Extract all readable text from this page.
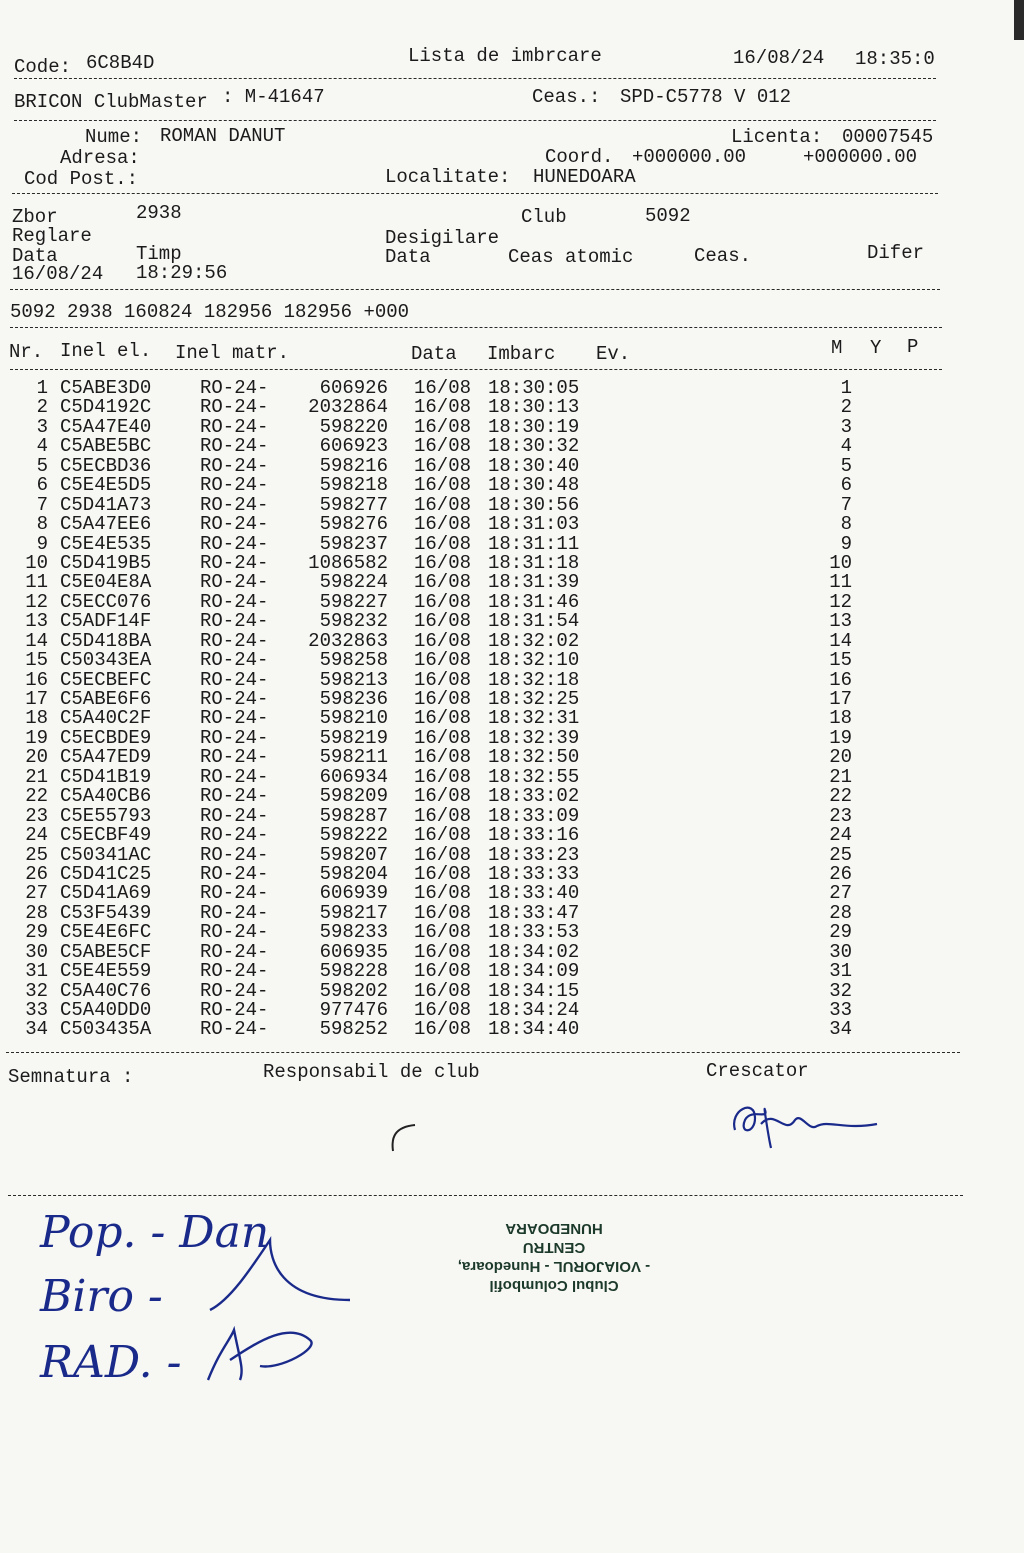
Code: 6C8B4D	Lista de imbrcare	16/08/24 18:35:0
BRICON ClubMaster : M-41647	Ceas.: SPD-C5778 V 012
Nume: ROMAN DANUT	Licenta: 00007545
Adresa:	Coord. +000000.00	+000000.00
Cod Post.:	Localitate: HUNEDOARA
Zbor	2938	Club	5092
Reglare	Desigilare
Data	Timp	Data	Ceas atomic	Ceas.	Difer
16/08/24 18:29:56
5092 2938 160824 182956 182956 +000
Nr. Inel el. Inel matr.	Data Imbarc Ev.	M Y P
1 C5ABE3D0	RO-24-	606926 16/08 18:30:05	1
2 C5D4192C	RO-24-	2032864 16/08 18:30:13	2
3 C5A47E40	RO-24-	598220 16/08 18:30:19	3
4 C5ABE5BC	RO-24-	606923 16/08 18:30:32	4
5 C5ECBD36	RO-24-	598216 16/08 18:30:40	5
6 C5E4E5D5	RO-24-	598218 16/08 18:30:48	6
7 C5D41A73	RO-24-	598277 16/08 18:30:56	7
8 C5A47EE6	RO-24-	598276 16/08 18:31:03	8
9 C5E4E535	RO-24-	598237 16/08 18:31:11	9
10 C5D419B5	RO-24-	1086582 16/08 18:31:18	10
11 C5E04E8A	RO-24-	598224 16/08 18:31:39	11
12 C5ECC076	RO-24-	598227 16/08 18:31:46	12
13 C5ADF14F	RO-24-	598232 16/08 18:31:54	13
14 C5D418BA	RO-24-	2032863 16/08 18:32:02	14
15 C50343EA	RO-24-	598258 16/08 18:32:10	15
16 C5ECBEFC	RO-24-	598213 16/08 18:32:18	16
17 C5ABE6F6	RO-24-	598236 16/08 18:32:25	17
18 C5A40C2F	RO-24-	598210 16/08 18:32:31	18
19 C5ECBDE9	RO-24-	598219 16/08 18:32:39	19
20 C5A47ED9	RO-24-	598211 16/08 18:32:50	20
21 C5D41B19	RO-24-	606934 16/08 18:32:55	21
22 C5A40CB6	RO-24-	598209 16/08 18:33:02	22
23 C5E55793	RO-24-	598287 16/08 18:33:09	23
24 C5ECBF49	RO-24-	598222 16/08 18:33:16	24
25 C50341AC	RO-24-	598207 16/08 18:33:23	25
26 C5D41C25	RO-24-	598204 16/08 18:33:33	26
27 C5D41A69	RO-24-	606939 16/08 18:33:40	27
28 C53F5439	RO-24-	598217 16/08 18:33:47	28
29 C5E4E6FC	RO-24-	598233 16/08 18:33:53	29
30 C5ABE5CF	RO-24-	606935 16/08 18:34:02	30
31 C5E4E559	RO-24-	598228 16/08 18:34:09	31
32 C5A40C76	RO-24-	598202 16/08 18:34:15	32
33 C5A40DD0	RO-24-	977476 16/08 18:34:24	33
34 C503435A	RO-24-	598252 16/08 18:34:40	34
Semnatura :	Responsabil de club	Crescator
Clubul Columbofil
- VOIAJORUL - Hunedoara,
CENTRU
HUNEDOARA
Pop. - Dan
Biro -
RAD. -
